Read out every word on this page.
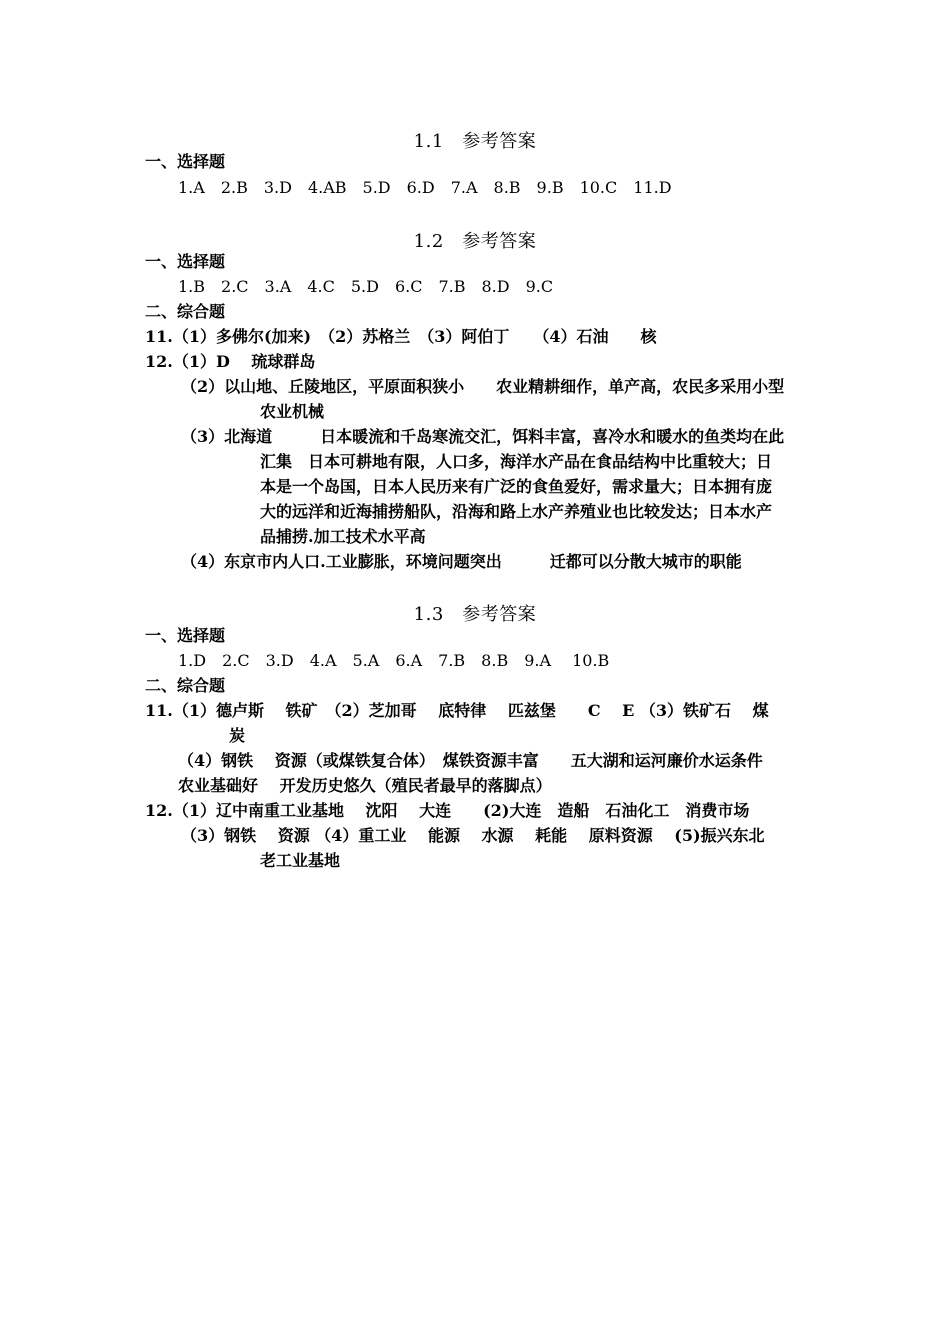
1.1　参考答案
一、选择题
1.A　2.B　3.D　4.AB　5.D　6.D　7.A　8.B　9.B　10.C　11.D
1.2　参考答案
一、选择题
1.B　2.C　3.A　4.C　5.D　6.C　7.B　8.D　9.C
二、综合题
11.（1）多佛尔(加来)　（2）苏格兰　（3）阿伯丁　　（4）石油　　核
12.（1）D　 琉球群岛
（2）以山地、丘陵地区，平原面积狭小　　农业精耕细作，单产高，农民多采用小型
农业机械
（3）北海道　　　日本暖流和千岛寒流交汇，饵料丰富，喜冷水和暖水的鱼类均在此
汇集　日本可耕地有限，人口多，海洋水产品在食品结构中比重较大；日
本是一个岛国，日本人民历来有广泛的食鱼爱好，需求量大；日本拥有庞
大的远洋和近海捕捞船队，沿海和路上水产养殖业也比较发达；日本水产
品捕捞.加工技术水平高
（4）东京市内人口.工业膨胀，环境问题突出　　　迁都可以分散大城市的职能
1.3　参考答案
一、选择题
1.D　2.C　3.D　4.A　5.A　6.A　7.B　8.B　9.A　 10.B
二、综合题
11.（1）德卢斯　 铁矿　（2）芝加哥　 底特律　 匹兹堡　　C　 E （3）铁矿石　 煤
炭
（4）钢铁　 资源（或煤铁复合体）　煤铁资源丰富　　五大湖和运河廉价水运条件
农业基础好　 开发历史悠久（殖民者最早的落脚点）
12.（1）辽中南重工业基地　 沈阳　 大连　　(2)大连　造船　石油化工　消费市场
（3）钢铁　 资源 （4）重工业　 能源　 水源　 耗能　 原料资源　 (5)振兴东北
老工业基地
